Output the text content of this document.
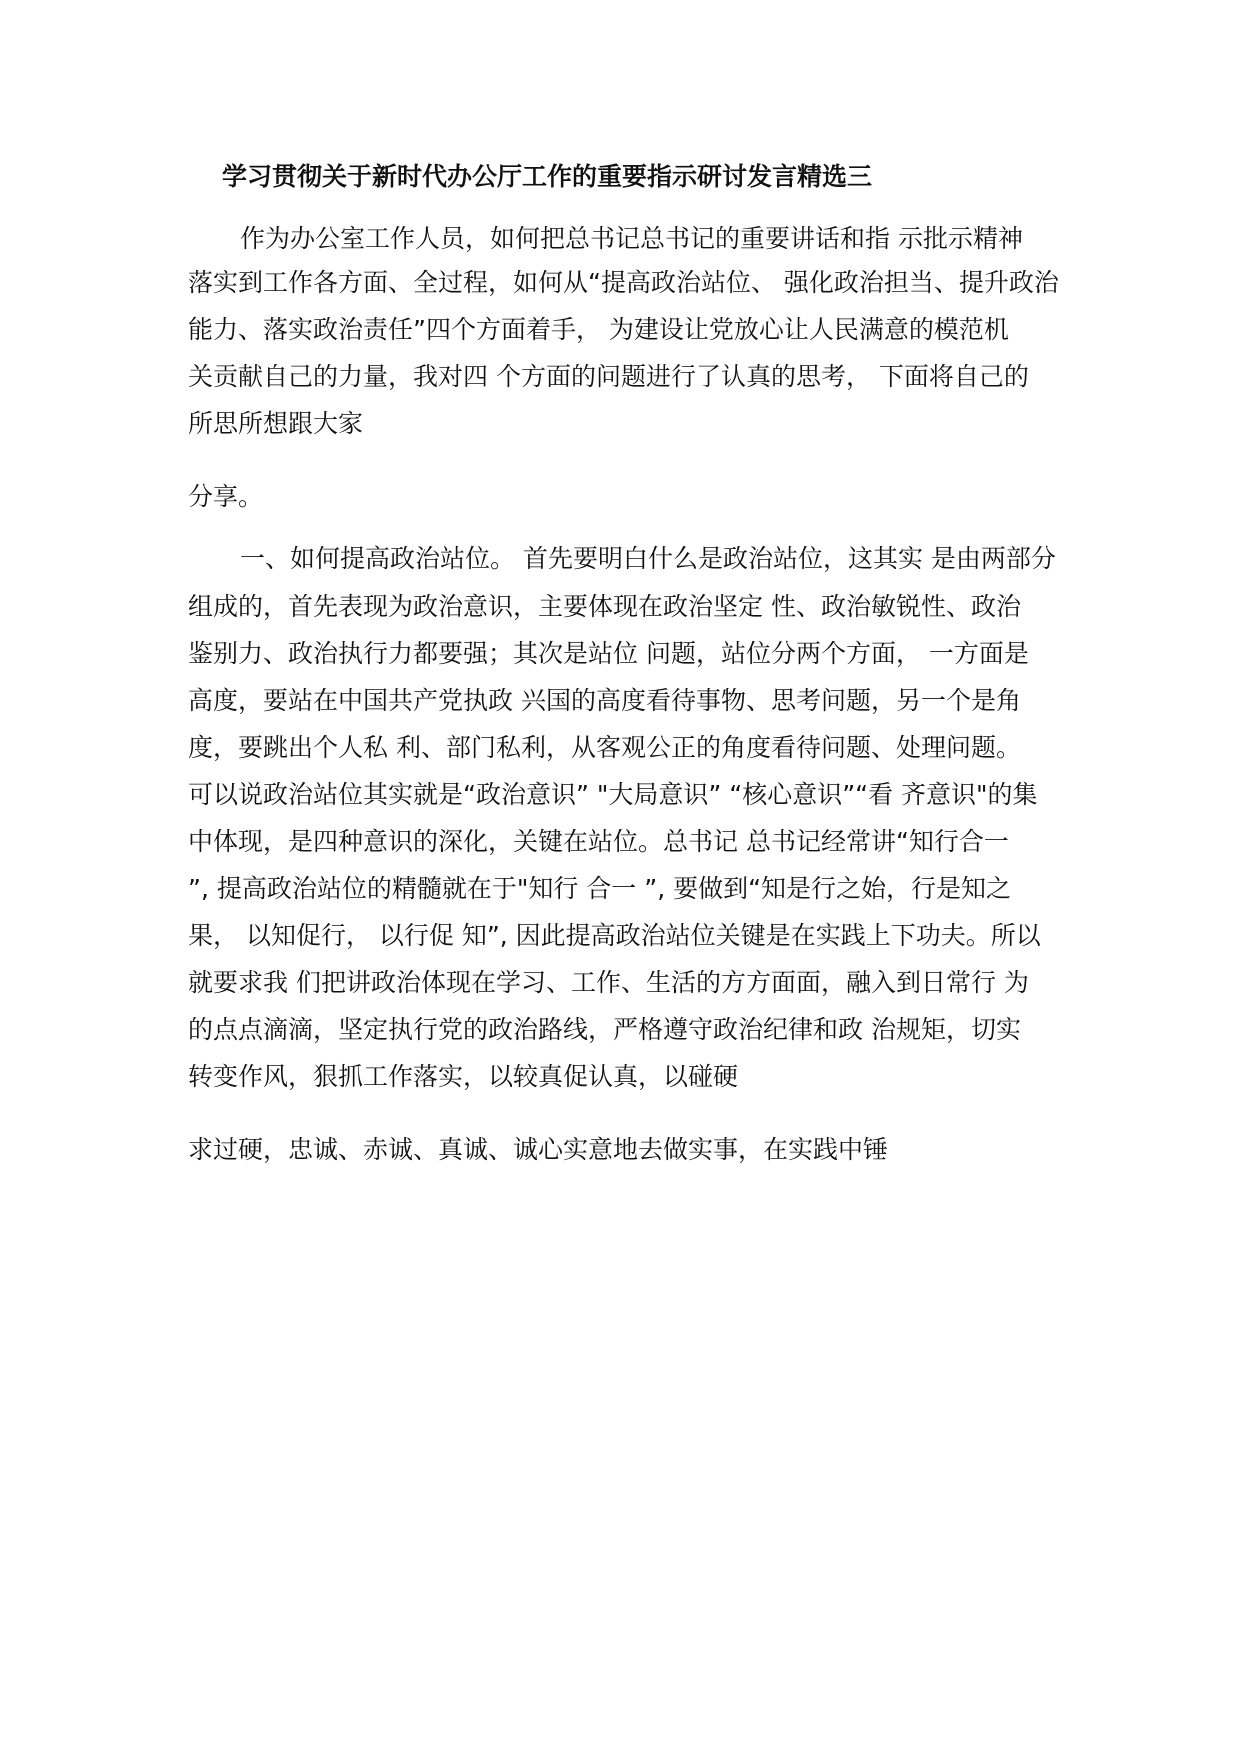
学习贯彻关于新时代办公厅工作的重要指示研讨发言精选三
作为办公室工作人员，如何把总书记总书记的重要讲话和指 示批示精神
落实到工作各方面、全过程，如何从“提高政治站位、 强化政治担当、提升政治
能力、落实政治责任”四个方面着手， 为建设让党放心让人民满意的模范机
关贡献自己的力量，我对四 个方面的问题进行了认真的思考， 下面将自己的
所思所想跟大家
分享。
一、如何提高政治站位。 首先要明白什么是政治站位，这其实 是由两部分
组成的，首先表现为政治意识，主要体现在政治坚定 性、政治敏锐性、政治
鉴别力、政治执行力都要强；其次是站位 问题，站位分两个方面， 一方面是
高度，要站在中国共产党执政 兴国的高度看待事物、思考问题，另一个是角
度，要跳出个人私 利、部门私利，从客观公正的角度看待问题、处理问题。
可以说政治站位其实就是“政治意识” "大局意识” “核心意识”“看 齐意识"的集
中体现，是四种意识的深化，关键在站位。总书记 总书记经常讲“知行合一
”, 提高政治站位的精髓就在于"知行 合一 ”, 要做到“知是行之始，行是知之
果， 以知促行， 以行促 知”, 因此提高政治站位关键是在实践上下功夫。所以
就要求我 们把讲政治体现在学习、工作、生活的方方面面，融入到日常行 为
的点点滴滴，坚定执行党的政治路线，严格遵守政治纪律和政 治规矩，切实
转变作风，狠抓工作落实，以较真促认真，以碰硬
求过硬，忠诚、赤诚、真诚、诚心实意地去做实事，在实践中锤
